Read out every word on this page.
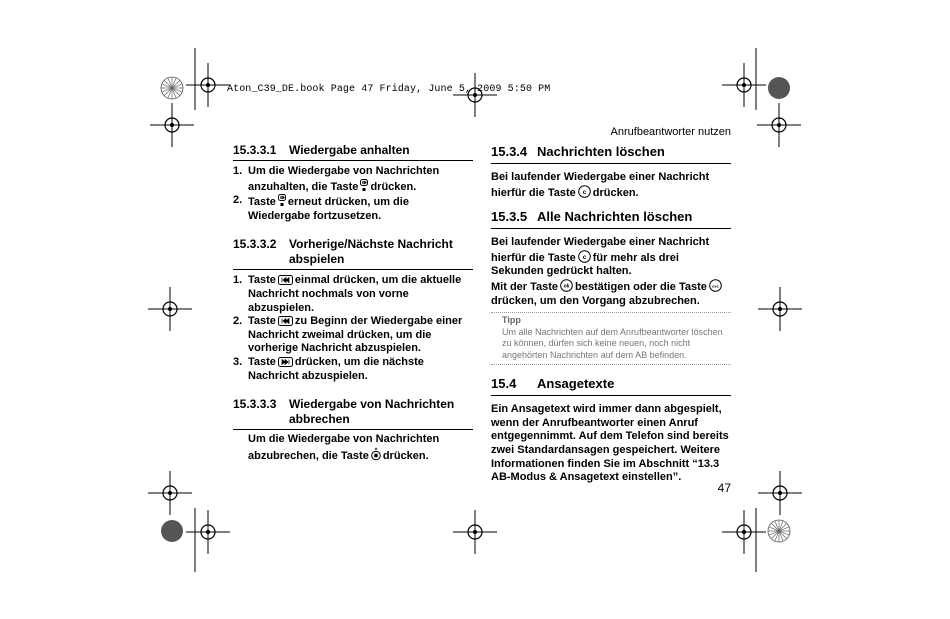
Aton_C39_DE.book Page 47 Friday, June 5, 2009 5:50 PM
Anrufbeantworter nutzen
47
15.3.3.1	Wiedergabe anhalten
1. Um die Wiedergabe von Nachrichten anzuhalten, die Taste drücken.
2. Taste erneut drücken, um die Wiedergabe fortzusetzen.
15.3.3.2	Vorherige/Nächste Nachricht abspielen
1. Taste einmal drücken, um die aktuelle Nachricht nochmals von vorne abzuspielen.
2. Taste zu Beginn der Wiedergabe einer Nachricht zweimal drücken, um die vorherige Nachricht abzuspielen.
3. Taste drücken, um die nächste Nachricht abzuspielen.
15.3.3.3	Wiedergabe von Nachrichten abbrechen

Um die Wiedergabe von Nachrichten abzubrechen, die Taste drücken.

15.3.4 Nachrichten löschen

Bei laufender Wiedergabe einer Nachricht hierfür die Taste c drücken.

15.3.5 Alle Nachrichten löschen

Bei laufender Wiedergabe einer Nachricht hierfür die Taste c für mehr als drei Sekunden gedrückt halten.
Mit der Taste ok bestätigen oder die Taste esc
drücken, um den Vorgang abzubrechen.

Tipp
Um alle Nachrichten auf dem Anrufbeantworter löschen zu können, dürfen sich keine neuen, noch nicht angehörten Nachrichten auf dem AB befinden.
15.4	Ansagetexte

Ein Ansagetext wird immer dann abgespielt, wenn der Anrufbeantworter einen Anruf entgegennimmt. Auf dem Telefon sind bereits zwei Standardansagen gespeichert. Weitere Informationen finden Sie im Abschnitt “13.3 AB-Modus & Ansagetext einstellen”.
